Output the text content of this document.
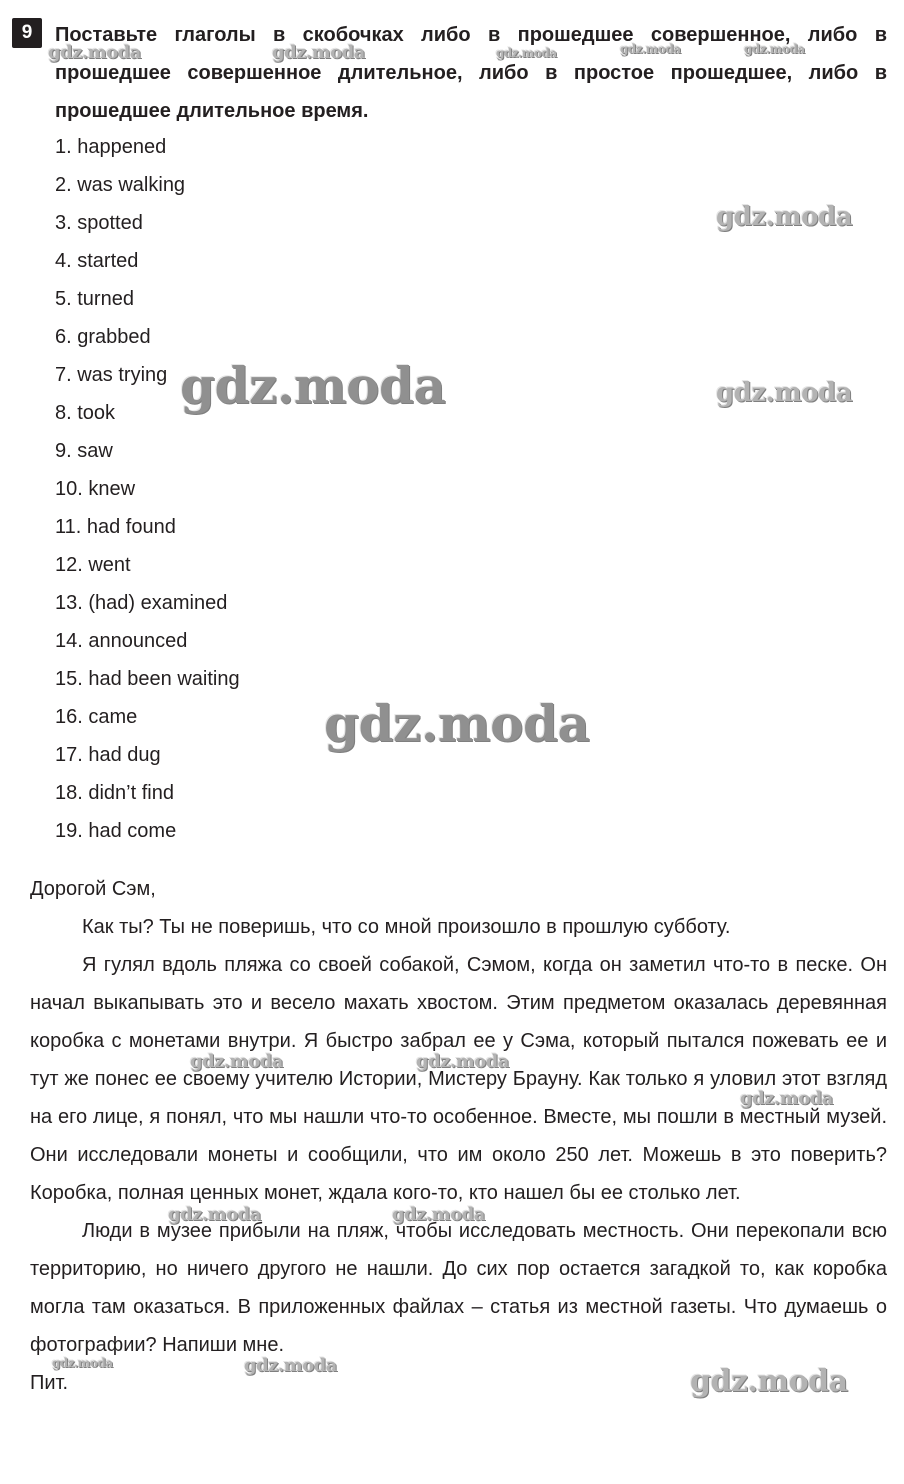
9	Поставьте глаголы в скобочках либо в прошедшее совершенное, либо в прошедшее совершенное длительное, либо в простое прошедшее, либо в прошедшее длительное время.

1. happened
2. was walking
3. spotted
4. started
5. turned
6. grabbed
7. was trying
8. took
9. saw
10. knew
11. had found
12. went
13. (had) examined
14. announced
15. had been waiting
16. came
17. had dug
18. didn’t find
19. had come

Дорогой Сэм,

Как ты? Ты не поверишь, что со мной произошло в прошлую субботу.

Я гулял вдоль пляжа со своей собакой, Сэмом, когда он заметил что-то в песке. Он начал выкапывать это и весело махать хвостом. Этим предметом оказалась деревянная коробка с монетами внутри. Я быстро забрал ее у Сэма, который пытался пожевать ее и тут же понес ее своему учителю Истории, Мистеру Брауну. Как только я уловил этот взгляд на его лице, я понял, что мы нашли что-то особенное. Вместе, мы пошли в местный музей. Они исследовали монеты и сообщили, что им около 250 лет. Можешь в это поверить? Коробка, полная ценных монет, ждала кого-то, кто нашел бы ее столько лет.

Люди в музее прибыли на пляж, чтобы исследовать местность. Они перекопали всю территорию, но ничего другого не нашли. До сих пор остается загадкой то, как коробка могла там оказаться. В приложенных файлах – статья из местной газеты. Что думаешь о фотографии? Напиши мне.

Пит.

gdz.moda	gdz.moda	gdz.moda	gdz.moda	gdz.moda
gdz.moda
gdz.moda	gdz.moda
gdz.moda
gdz.moda	gdz.moda
gdz.moda
gdz.moda	gdz.moda
gdz.moda	gdz.moda	gdz.moda
